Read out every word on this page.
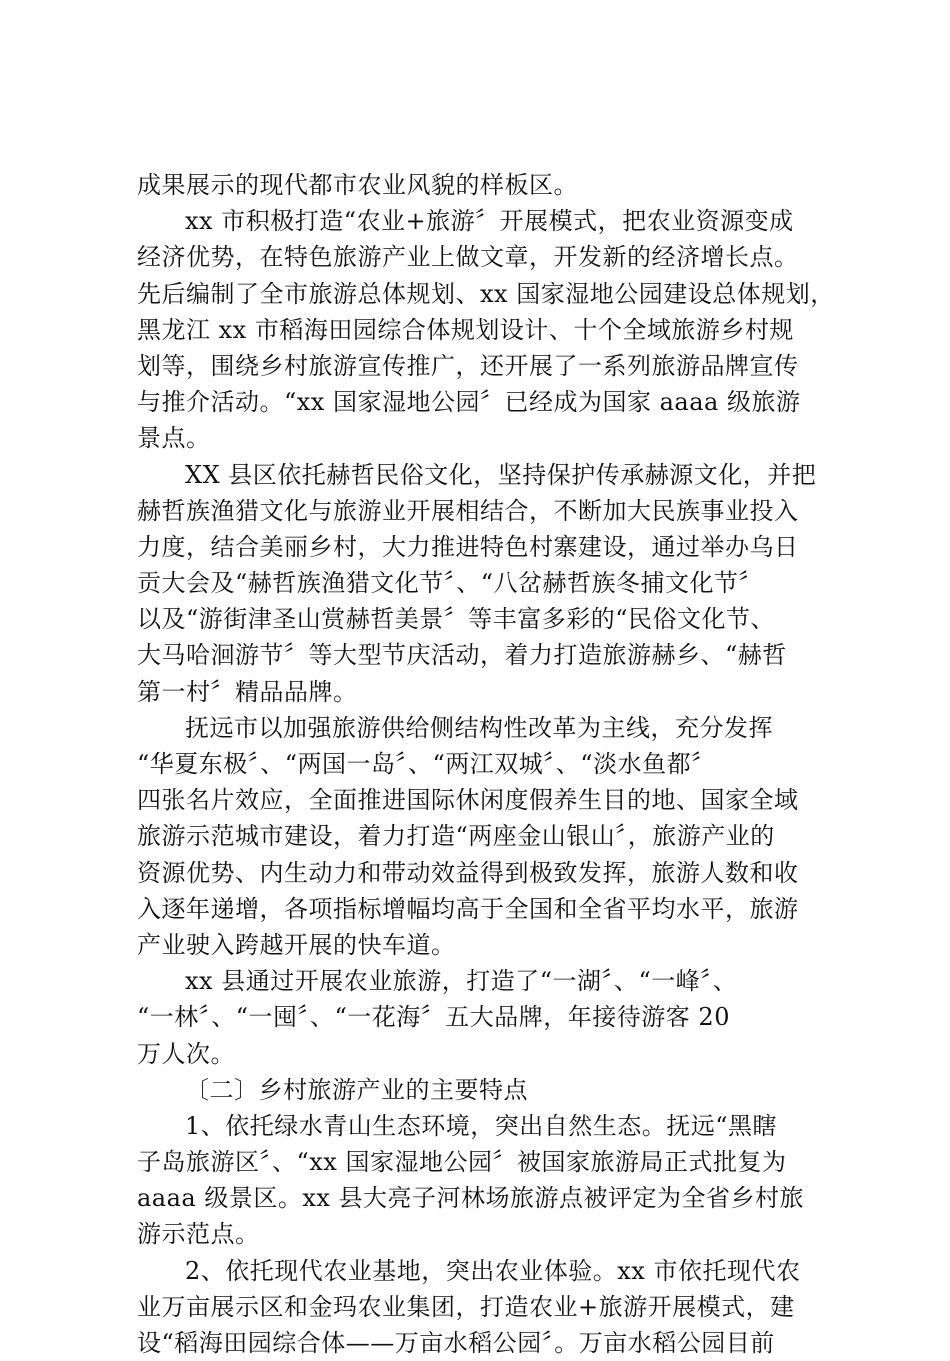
成果展示的现代都市农业风貌的样板区。
xx 市积极打造“农业+旅游〞开展模式，把农业资源变成
经济优势，在特色旅游产业上做文章，开发新的经济增长点。
先后编制了全市旅游总体规划、xx 国家湿地公园建设总体规划，
黑龙江 xx 市稻海田园综合体规划设计、十个全域旅游乡村规
划等，围绕乡村旅游宣传推广，还开展了一系列旅游品牌宣传
与推介活动。“xx 国家湿地公园〞已经成为国家 aaaa 级旅游
景点。
XX 县区依托赫哲民俗文化，坚持保护传承赫源文化，并把
赫哲族渔猎文化与旅游业开展相结合，不断加大民族事业投入
力度，结合美丽乡村，大力推进特色村寨建设，通过举办乌日
贡大会及“赫哲族渔猎文化节〞、“八岔赫哲族冬捕文化节〞
以及“游街津圣山赏赫哲美景〞等丰富多彩的“民俗文化节、
大马哈洄游节〞等大型节庆活动，着力打造旅游赫乡、“赫哲
第一村〞精品品牌。
抚远市以加强旅游供给侧结构性改革为主线，充分发挥
“华夏东极〞、“两国一岛〞、“两江双城〞、“淡水鱼都〞
四张名片效应，全面推进国际休闲度假养生目的地、国家全域
旅游示范城市建设，着力打造“两座金山银山〞，旅游产业的
资源优势、内生动力和带动效益得到极致发挥，旅游人数和收
入逐年递增，各项指标增幅均高于全国和全省平均水平，旅游
产业驶入跨越开展的快车道。
xx 县通过开展农业旅游，打造了“一湖〞、“一峰〞、
“一林〞、“一囤〞、“一花海〞五大品牌，年接待游客 20
万人次。
〔二〕乡村旅游产业的主要特点
1、依托绿水青山生态环境，突出自然生态。抚远“黑瞎
子岛旅游区〞、“xx 国家湿地公园〞被国家旅游局正式批复为
aaaa 级景区。xx 县大亮子河林场旅游点被评定为全省乡村旅
游示范点。
2、依托现代农业基地，突出农业体验。xx 市依托现代农
业万亩展示区和金玛农业集团，打造农业+旅游开展模式，建
设“稻海田园综合体——万亩水稻公园〞。万亩水稻公园目前
